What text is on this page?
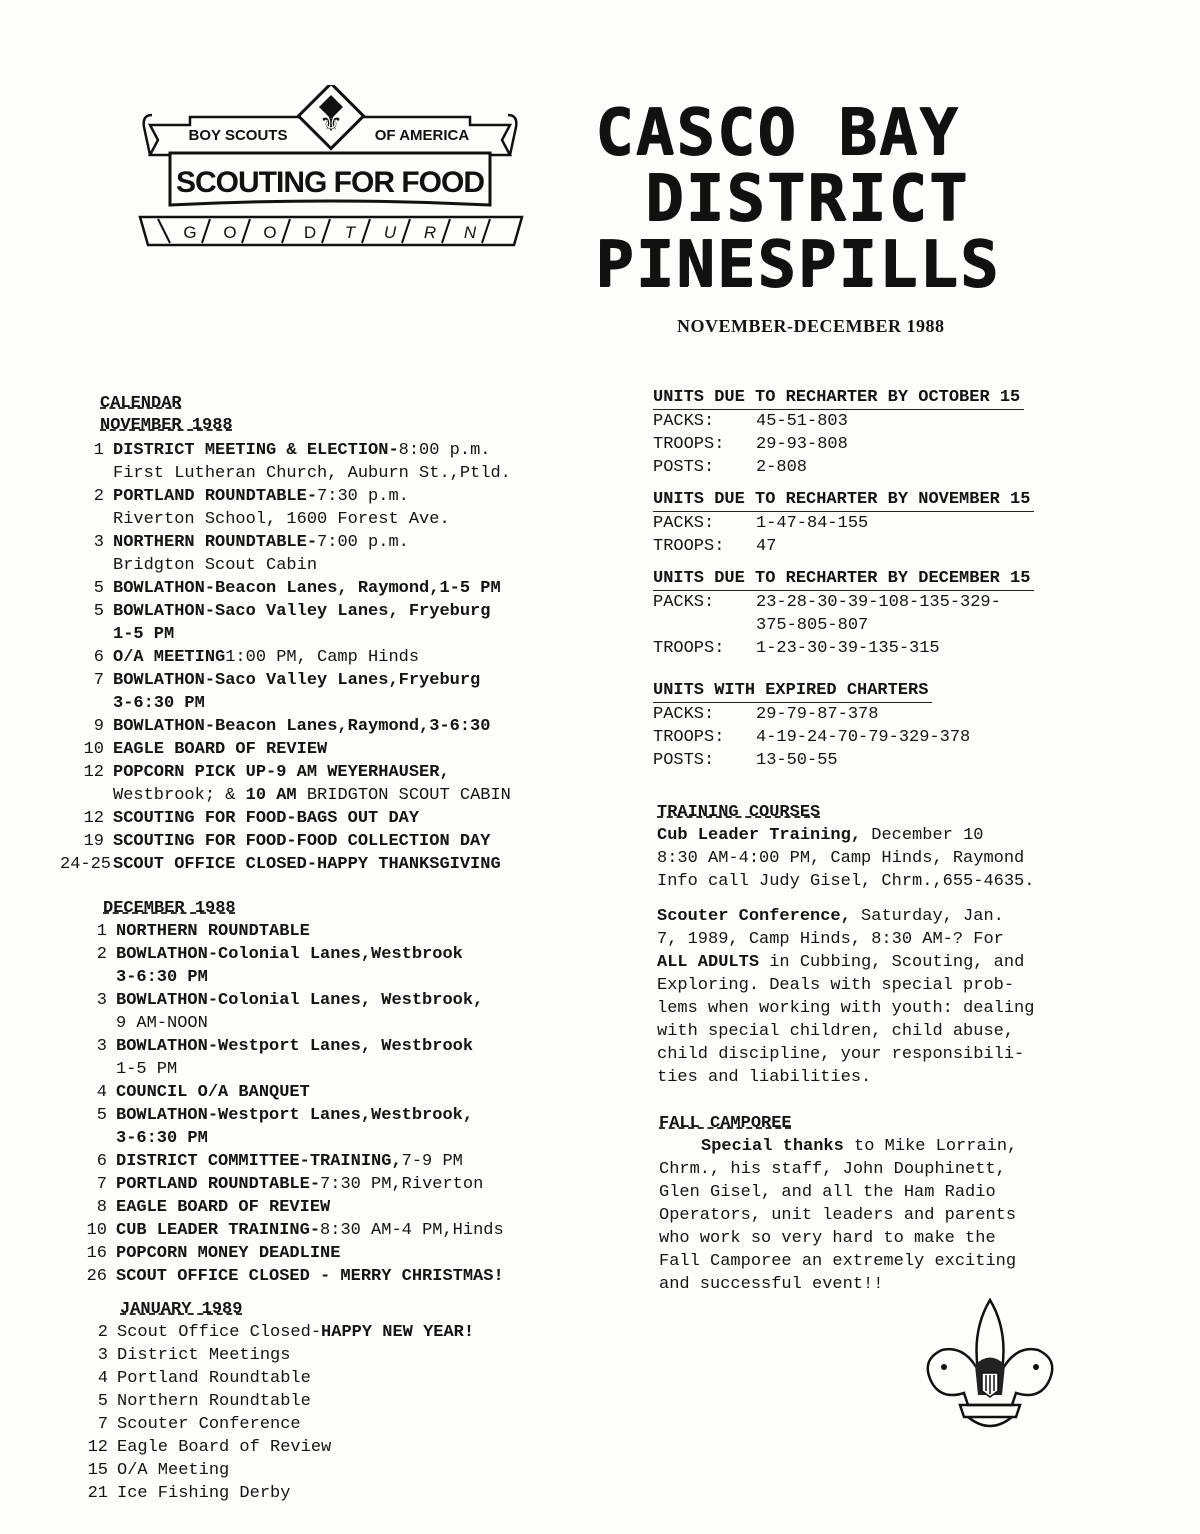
⚜
BOY SCOUTS	OF AMERICA
SCOUTING FOR FOOD
G O O D T U R N
CASCO BAY
DISTRICT
PINESPILLS
NOVEMBER-DECEMBER 1988
CALENDAR
NOVEMBER 1988
1 DISTRICT MEETING & ELECTION-8:00 p.m.
First Lutheran Church, Auburn St.,Ptld.
2 PORTLAND ROUNDTABLE-7:30 p.m.
Riverton School, 1600 Forest Ave.
3 NORTHERN ROUNDTABLE-7:00 p.m.
Bridgton Scout Cabin
5 BOWLATHON-Beacon Lanes, Raymond,1-5 PM
5 BOWLATHON-Saco Valley Lanes, Fryeburg
1-5 PM
6 O/A MEETING1:00 PM, Camp Hinds
7 BOWLATHON-Saco Valley Lanes,Fryeburg
3-6:30 PM
9 BOWLATHON-Beacon Lanes,Raymond,3-6:30
10 EAGLE BOARD OF REVIEW
12 POPCORN PICK UP-9 AM WEYERHAUSER,
Westbrook; & 10 AM BRIDGTON SCOUT CABIN
12 SCOUTING FOR FOOD-BAGS OUT DAY
19 SCOUTING FOR FOOD-FOOD COLLECTION DAY
24-25 SCOUT OFFICE CLOSED-HAPPY THANKSGIVING
DECEMBER 1988
1 NORTHERN ROUNDTABLE
2 BOWLATHON-Colonial Lanes,Westbrook
3-6:30 PM
3 BOWLATHON-Colonial Lanes, Westbrook,
9 AM-NOON
3 BOWLATHON-Westport Lanes, Westbrook
1-5 PM
4 COUNCIL O/A BANQUET
5 BOWLATHON-Westport Lanes,Westbrook,
3-6:30 PM
6 DISTRICT COMMITTEE-TRAINING,7-9 PM
7 PORTLAND ROUNDTABLE-7:30 PM,Riverton
8 EAGLE BOARD OF REVIEW
10 CUB LEADER TRAINING-8:30 AM-4 PM,Hinds
16 POPCORN MONEY DEADLINE
26 SCOUT OFFICE CLOSED - MERRY CHRISTMAS!
JANUARY 1989
2 Scout Office Closed-HAPPY NEW YEAR!
3 District Meetings
4 Portland Roundtable
5 Northern Roundtable
7 Scouter Conference
12 Eagle Board of Review
15 O/A Meeting
21 Ice Fishing Derby
UNITS DUE TO RECHARTER BY OCTOBER 15
PACKS:	45-51-803
TROOPS:	29-93-808
POSTS:	2-808
UNITS DUE TO RECHARTER BY NOVEMBER 15
PACKS:	1-47-84-155
TROOPS:	47
UNITS DUE TO RECHARTER BY DECEMBER 15
PACKS:	23-28-30-39-108-135-329-
375-805-807
TROOPS:	1-23-30-39-135-315
UNITS WITH EXPIRED CHARTERS
PACKS:	29-79-87-378
TROOPS:	4-19-24-70-79-329-378
POSTS:	13-50-55
TRAINING COURSES
Cub Leader Training, December 10
8:30 AM-4:00 PM, Camp Hinds, Raymond
Info call Judy Gisel, Chrm.,655-4635.
Scouter Conference, Saturday, Jan.
7, 1989, Camp Hinds, 8:30 AM-? For
ALL ADULTS in Cubbing, Scouting, and
Exploring. Deals with special prob-
lems when working with youth: dealing
with special children, child abuse,
child discipline, your responsibili-
ties and liabilities.
FALL CAMPOREE
Special thanks to Mike Lorrain,
Chrm., his staff, John Douphinett,
Glen Gisel, and all the Ham Radio
Operators, unit leaders and parents
who work so very hard to make the
Fall Camporee an extremely exciting
and successful event!!
